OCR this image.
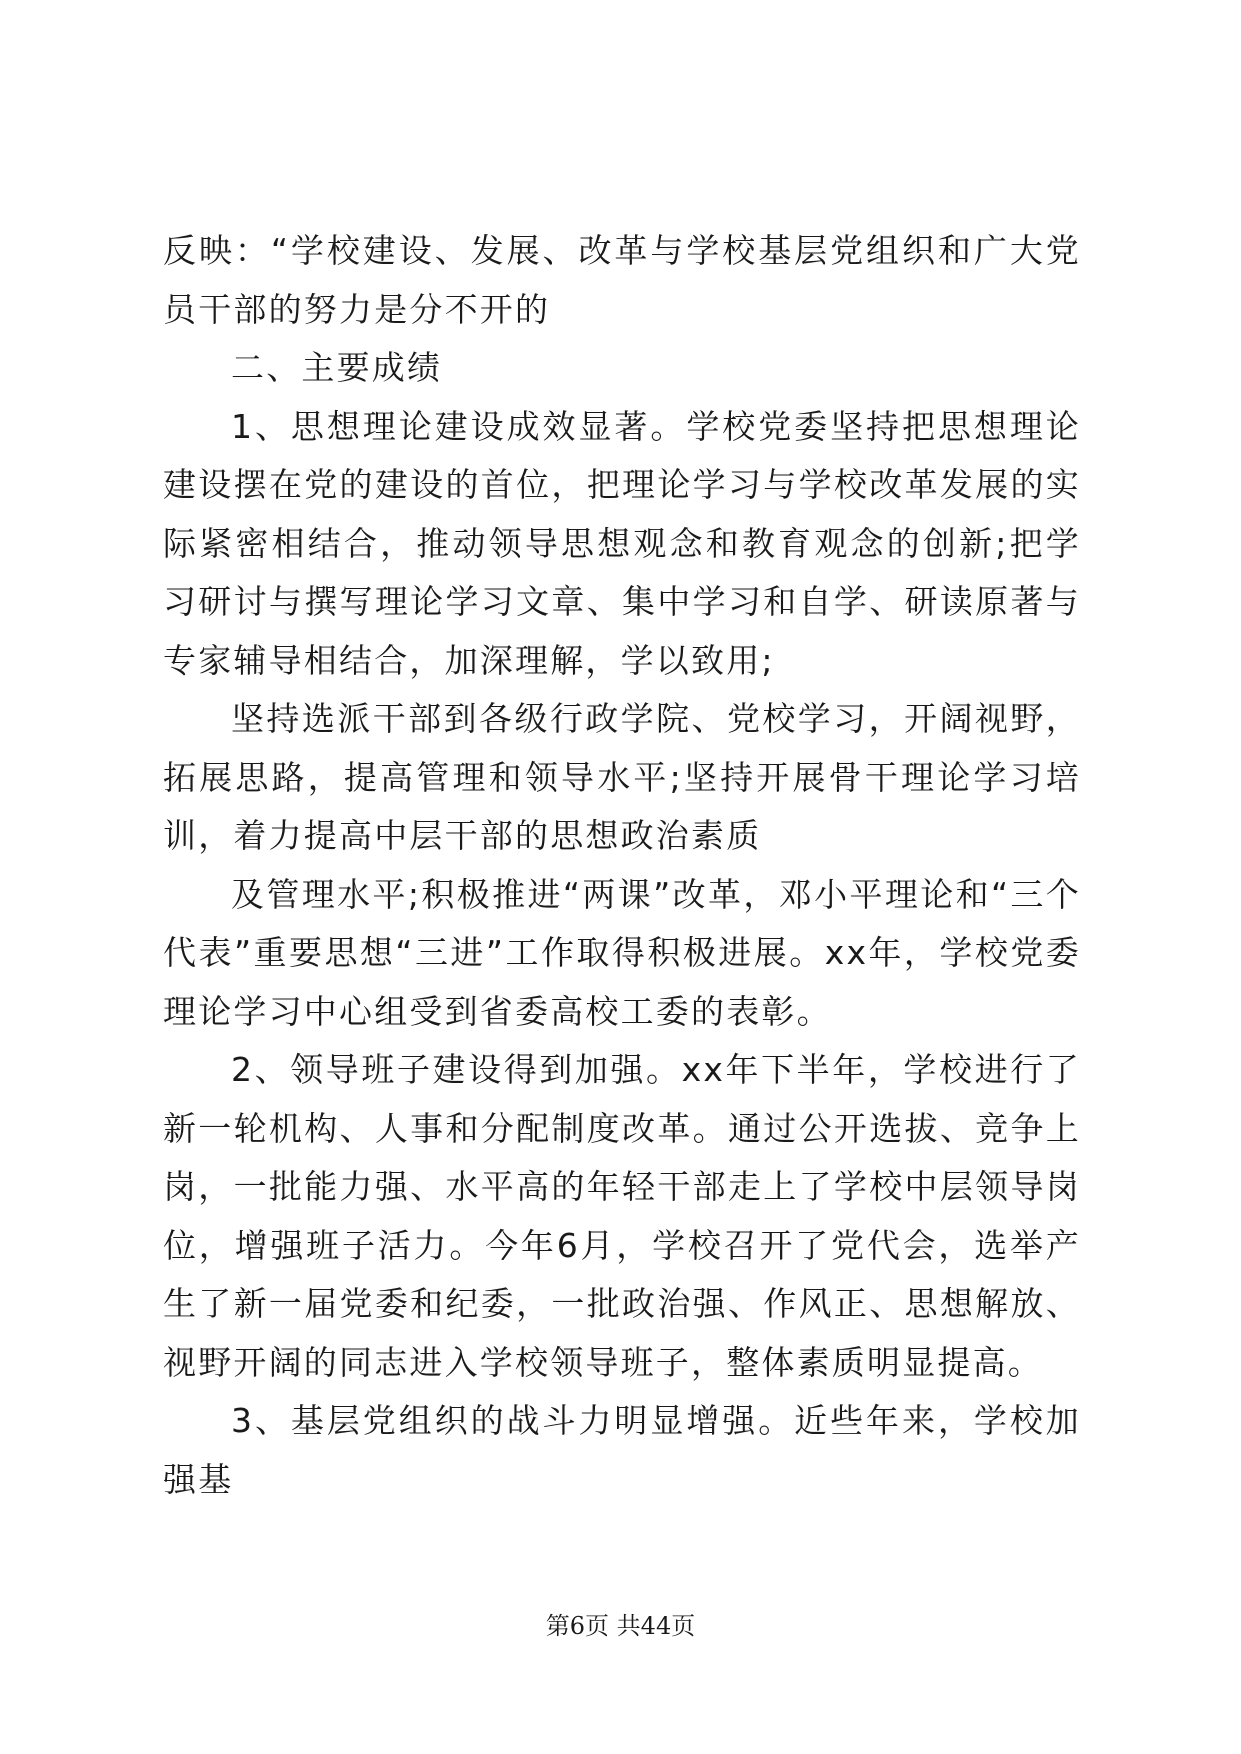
反映：“学校建设、发展、改革与学校基层党组织和广大党员干部的努力是分不开的

二、主要成绩

1、思想理论建设成效显著。学校党委坚持把思想理论建设摆在党的建设的首位，把理论学习与学校改革发展的实际紧密相结合，推动领导思想观念和教育观念的创新;把学习研讨与撰写理论学习文章、集中学习和自学、研读原著与专家辅导相结合，加深理解，学以致用;

坚持选派干部到各级行政学院、党校学习，开阔视野，拓展思路，提高管理和领导水平;坚持开展骨干理论学习培训，着力提高中层干部的思想政治素质

及管理水平;积极推进“两课”改革，邓小平理论和“三个代表”重要思想“三进”工作取得积极进展。xx年，学校党委理论学习中心组受到省委高校工委的表彰。

2、领导班子建设得到加强。xx年下半年，学校进行了新一轮机构、人事和分配制度改革。通过公开选拔、竞争上岗，一批能力强、水平高的年轻干部走上了学校中层领导岗位，增强班子活力。今年6月，学校召开了党代会，选举产生了新一届党委和纪委，一批政治强、作风正、思想解放、视野开阔的同志进入学校领导班子，整体素质明显提高。

3、基层党组织的战斗力明显增强。近些年来，学校加强基

第6页 共44页
